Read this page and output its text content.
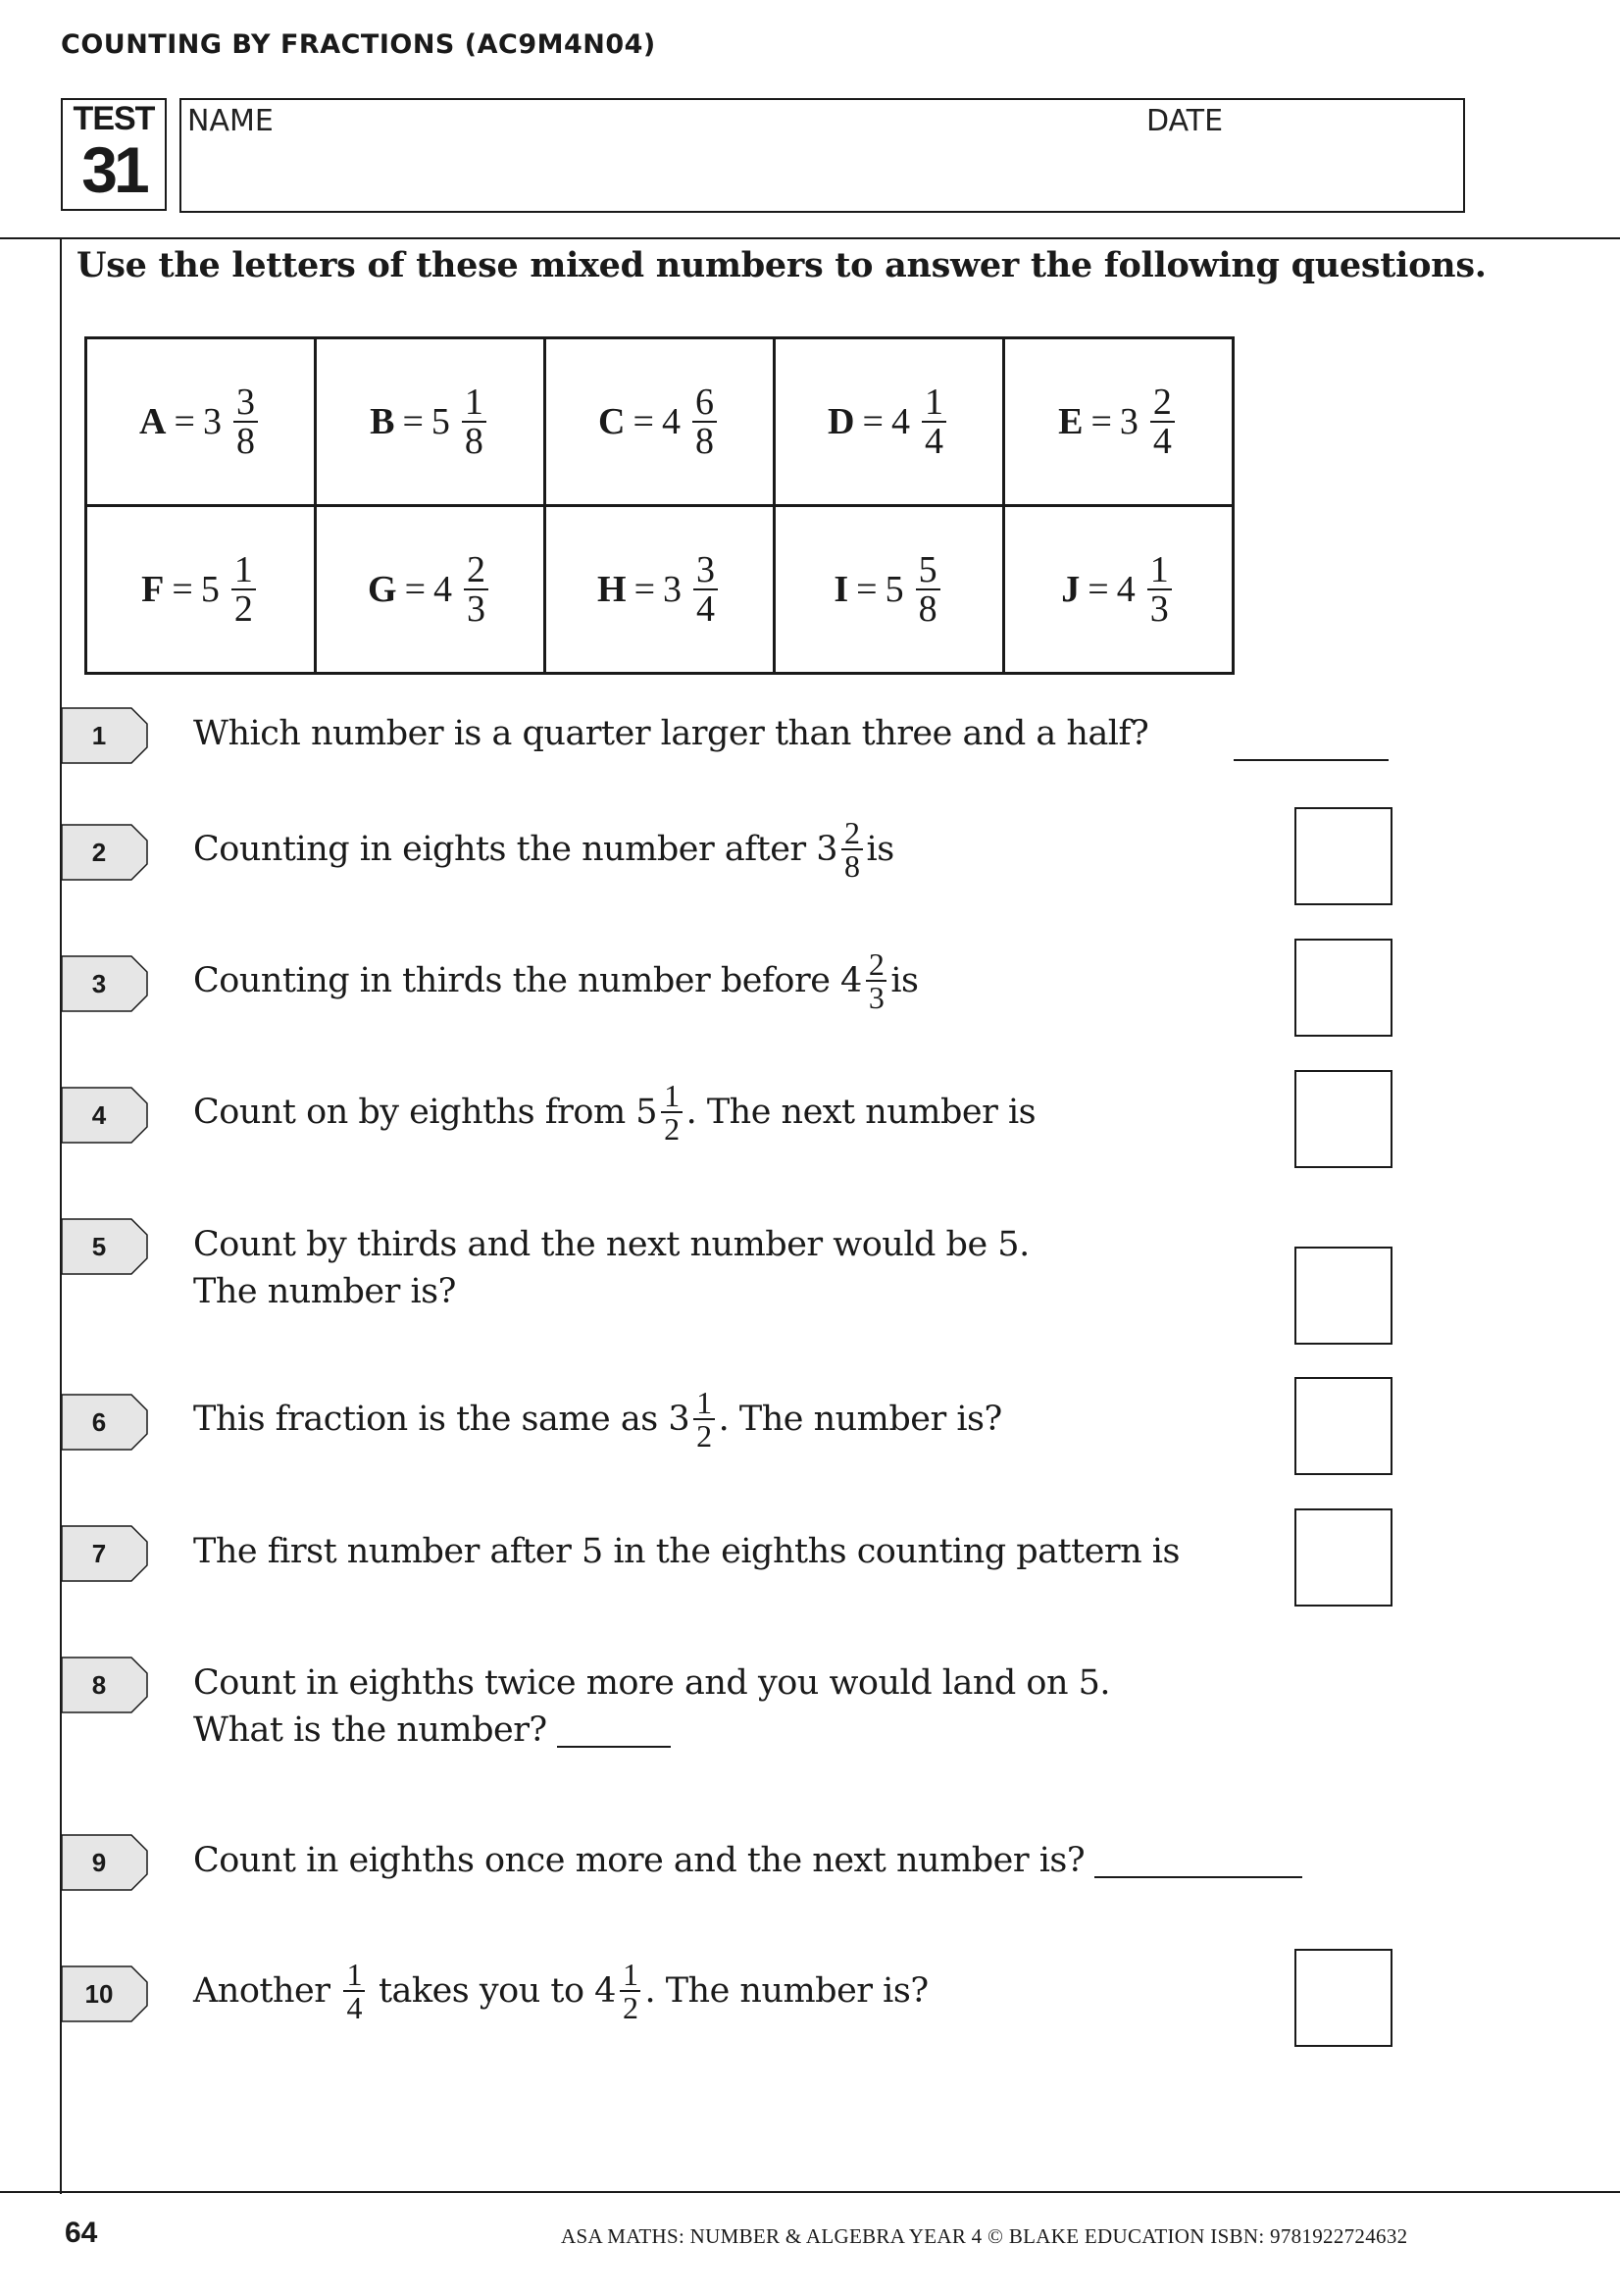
COUNTING BY FRACTIONS (AC9M4N04)
TEST
31
NAME	DATE
Use the letters of these mixed numbers to answer the following questions.
$A = 3 \frac{3}{8}$	$B = 5 \frac{1}{8}$	$C = 4 \frac{6}{8}$	$D = 4 \frac{1}{4}$	$E = 3 \frac{2}{4}$

$F = 5 \frac{1}{2}$	$G = 4 \frac{2}{3}$	$H = 3 \frac{3}{4}$	$I = 5 \frac{5}{8}$	$J = 4 \frac{1}{3}$
1	Which number is a quarter larger than three and a half?
2	Counting in eights the number after $3 \frac{2}{8}$ is
3	Counting in thirds the number before $4 \frac{2}{3}$ is
4	Count on by eighths from $5 \frac{1}{2}$ . The next number is
5	Count by thirds and the next number would be 5.
The number is?
6	This fraction is the same as $3 \frac{1}{2}$ . The number is?
7	The first number after 5 in the eighths counting pattern is
8	Count in eighths twice more and you would land on 5.
What is the number?
9	Count in eighths once more and the next number is?
10	Another $\frac{1}{4}$ takes you to $4 \frac{1}{2}$ . The number is?
64	ASA MATHS: NUMBER & ALGEBRA YEAR 4 © BLAKE EDUCATION ISBN: 9781922724632
